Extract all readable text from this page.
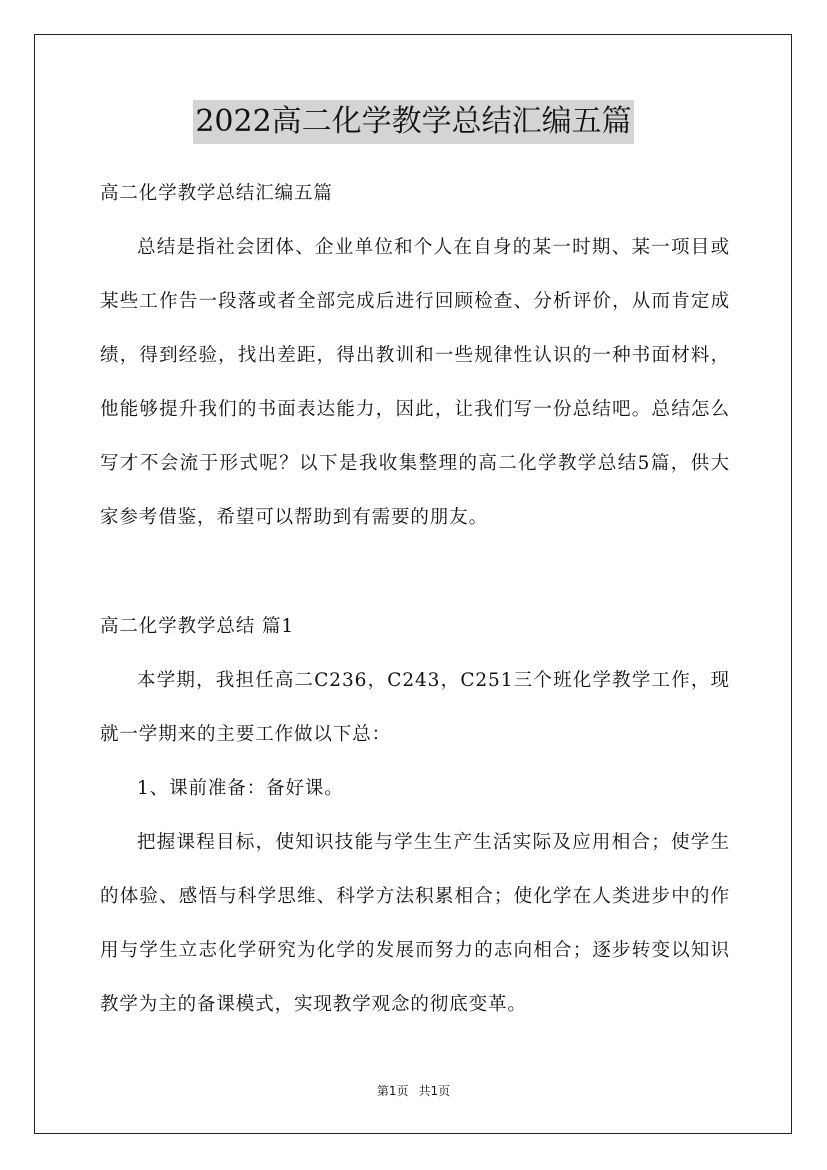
2022高二化学教学总结汇编五篇
高二化学教学总结汇编五篇

总结是指社会团体、企业单位和个人在自身的某一时期、某一项目或某些工作告一段落或者全部完成后进行回顾检查、分析评价，从而肯定成绩，得到经验，找出差距，得出教训和一些规律性认识的一种书面材料，他能够提升我们的书面表达能力，因此，让我们写一份总结吧。总结怎么写才不会流于形式呢？以下是我收集整理的高二化学教学总结5篇，供大家参考借鉴，希望可以帮助到有需要的朋友。

高二化学教学总结 篇1

本学期，我担任高二C236，C243，C251三个班化学教学工作，现就一学期来的主要工作做以下总：

1、课前准备：备好课。

把握课程目标，使知识技能与学生生产生活实际及应用相合；使学生的体验、感悟与科学思维、科学方法积累相合；使化学在人类进步中的作用与学生立志化学研究为化学的发展而努力的志向相合；逐步转变以知识教学为主的备课模式，实现教学观念的彻底变革。

第1页 共1页
